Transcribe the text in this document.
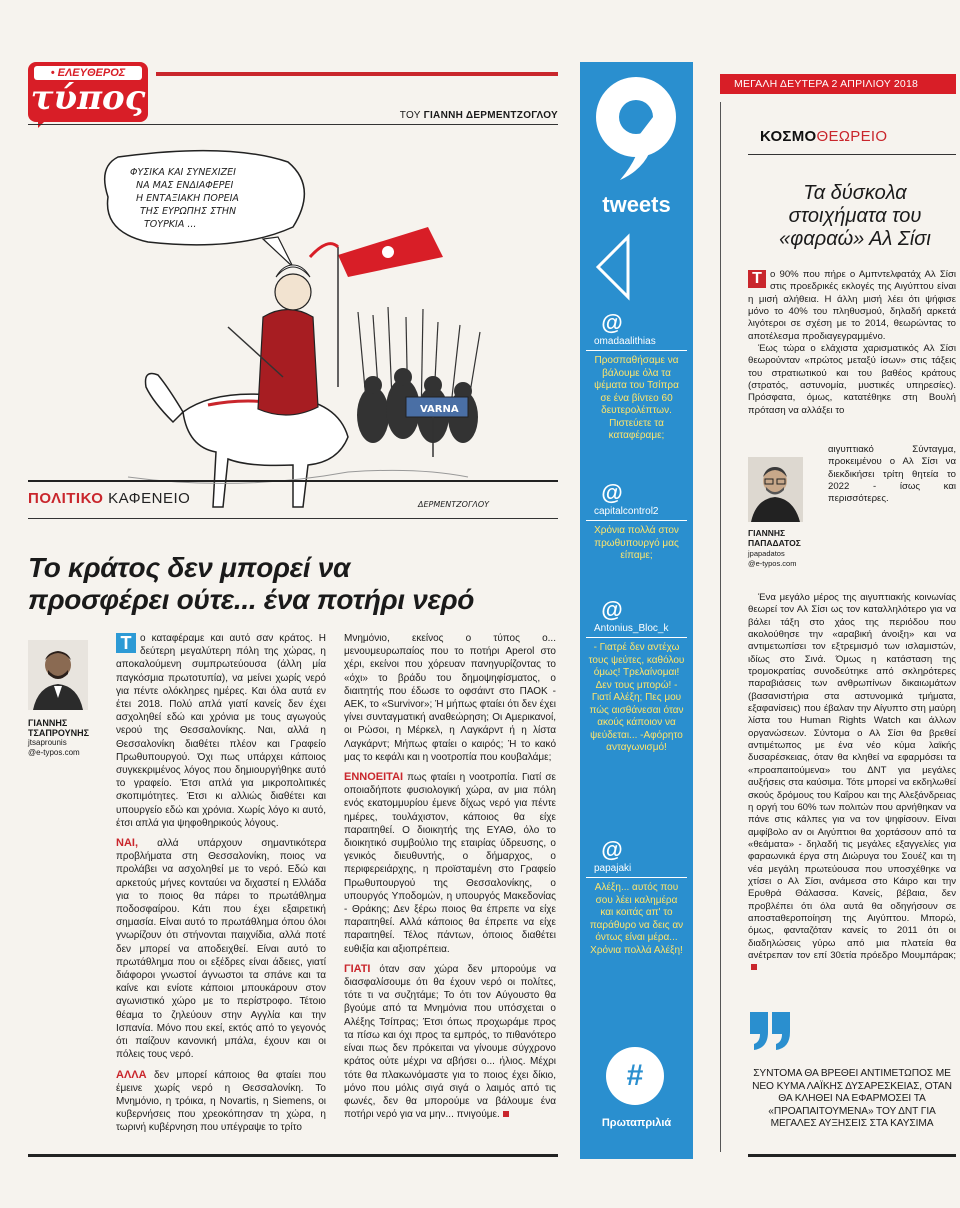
• ΕΛΕΥΘΕΡΟΣ
τύπος	ΤΟΥ ΓΙΑΝΝΗ ΔΕΡΜΕΝΤΖΟΓΛΟΥ
ΦΥΣΙΚΑ ΚΑΙ ΣΥΝΕΧΙΖΕΙ
ΝΑ ΜΑΣ ΕΝΔΙΑΦΕΡΕΙ
Η ΕΝΤΑΞΙΑΚΗ ΠΟΡΕΙΑ
ΤΗΣ ΕΥΡΩΠΗΣ ΣΤΗΝ
ΤΟΥΡΚΙΑ ...
VARNA
ΔΕΡΜΕΝΤΖΟΓΛΟΥ
ΠΟΛΙΤΙΚΟ ΚΑΦΕΝΕΙΟ
Το κράτος δεν μπορεί να
προσφέρει ούτε... ένα ποτήρι νερό
ΓΙΑΝΝΗΣ ΤΣΑΠΡΟΥΝΗΣ
jtsaprounis
@e-typos.com

Τ ο καταφέραμε και αυτό σαν κράτος. Η δεύτερη μεγαλύτερη πόλη της χώρας, η αποκαλούμενη συμπρωτεύουσα (άλλη μία παγκόσμια πρωτοτυπία), να μείνει χωρίς νερό για πέντε ολόκληρες ημέρες. Και όλα αυτά εν έτει 2018. Πολύ απλά γιατί κανείς δεν έχει ασχοληθεί εδώ και χρόνια με τους αγωγούς νερού της Θεσσαλονίκης. Ναι, αλλά η Θεσσαλονίκη διαθέτει πλέον και Γραφείο Πρωθυπουργού. Όχι πως υπάρχει κάποιος συγκεκριμένος λόγος που δημιουργήθηκε αυτό το γραφείο. Έτσι απλά για μικροπολιτικές σκοπιμότητες. Έτσι κι αλλιώς διαθέτει και υπουργείο εδώ και χρόνια. Χωρίς λόγο κι αυτό, έτσι απλά για ψηφοθηρικούς λόγους.

ΝΑΙ, αλλά υπάρχουν σημαντικότερα προβλήματα στη Θεσσαλονίκη, ποιος να προλάβει να ασχοληθεί με το νερό. Εδώ και αρκετούς μήνες κονταύει να διχαστεί η Ελλάδα για το ποιος θα πάρει το πρωτάθλημα ποδοσφαίρου. Κάτι που έχει εξαιρετική σημασία. Είναι αυτό το πρωτάθλημα όπου όλοι γνωρίζουν ότι στήνονται παιχνίδια, αλλά ποτέ δεν μπορεί να αποδειχθεί. Είναι αυτό το πρωτάθλημα που οι εξέδρες είναι άδειες, γιατί διάφοροι γνωστοί άγνωστοι τα σπάνε και τα καίνε και ενίοτε κάποιοι μπουκάρουν στον αγωνιστικό χώρο με το περίστροφο. Τέτοιο θέαμα το ζηλεύουν στην Αγγλία και την Ισπανία. Μόνο που εκεί, εκτός από το γεγονός ότι παίζουν κανονική μπάλα, έχουν και οι πόλεις τους νερό.

ΑΛΛΑ δεν μπορεί κάποιος θα φταίει που έμεινε χωρίς νερό η Θεσσαλονίκη. Το Μνημόνιο, η τρόικα, η Novartis, η Siemens, οι κυβερνήσεις που χρεοκόπησαν τη χώρα, η τωρινή κυβέρνηση που υπέγραψε το τρίτο

Μνημόνιο, εκείνος ο τύπος ο... μενουμευρωπαίος που το ποτήρι Aperol στο χέρι, εκείνοι που χόρευαν πανηγυρίζοντας το «όχι» το βράδυ του δημοψηφίσματος, ο διαιτητής που έδωσε το οφσάιντ στο ΠΑΟΚ - ΑΕΚ, το «Survivor»; Ή μήπως φταίει ότι δεν έχει γίνει συνταγματική αναθεώρηση; Οι Αμερικανοί, οι Ρώσοι, η Μέρκελ, η Λαγκάρντ ή η λίστα Λαγκάρντ; Μήπως φταίει ο καιρός; Ή το κακό μας το κεφάλι και η νοοτροπία που κουβαλάμε;

ΕΝΝΟΕΙΤΑΙ πως φταίει η νοοτροπία. Γιατί σε οποιαδήποτε φυσιολογική χώρα, αν μια πόλη ενός εκατομμυρίου έμενε δίχως νερό για πέντε ημέρες, τουλάχιστον, κάποιος θα είχε παραιτηθεί. Ο διοικητής της ΕΥΑΘ, όλο το διοικητικό συμβούλιο της εταιρίας ύδρευσης, ο γενικός διευθυντής, ο δήμαρχος, ο περιφερειάρχης, η προϊσταμένη στο Γραφείο Πρωθυπουργού της Θεσσαλονίκης, ο υπουργός Υποδομών, η υπουργός Μακεδονίας - Θράκης; Δεν ξέρω ποιος θα έπρεπε να είχε παραιτηθεί. Αλλά κάποιος θα έπρεπε να είχε παραιτηθεί. Τέλος πάντων, όποιος διαθέτει ευθιξία και αξιοπρέπεια.

ΓΙΑΤΙ όταν σαν χώρα δεν μπορούμε να διασφαλίσουμε ότι θα έχουν νερό οι πολίτες, τότε τι να συζητάμε; Το ότι τον Αύγουστο θα βγούμε από τα Μνημόνια που υπόσχεται ο Αλέξης Τσίπρας; Έτσι όπως προχωράμε προς τα πίσω και όχι προς τα εμπρός, το πιθανότερο είναι πως δεν πρόκειται να γίνουμε σύγχρονο κράτος ούτε μέχρι να αβήσει ο... ήλιος. Μέχρι τότε θα πλακωνόμαστε για το ποιος έχει δίκιο, μόνο που μόλις σιγά σιγά ο λαιμός από τις φωνές, δεν θα μπορούμε να βάλουμε ένα ποτήρι νερό για να μην... πνιγούμε.

tweets
@
omadaalithias
Προσπαθήσαμε να βάλουμε όλα τα ψέματα του Τσίπρα σε ένα βίντεο 60 δευτερολέπτων. Πιστεύετε τα καταφέραμε;
@
capitalcontrol2
Χρόνια πολλά στον πρωθυπουργό μας είπαμε;
@
Antonius_Bloc_k
- Γιατρέ δεν αντέχω τους ψεύτες, καθόλου όμως! Τρελαίνομαι! Δεν τους μπορώ! - Γιατί Αλέξη; Πες μου πώς αισθάνεσαι όταν ακούς κάποιον να ψεύδεται... -Αφόρητο ανταγωνισμό!
@
papajaki
Αλέξη... αυτός που σου λέει καλημέρα και κοιτάς απ' το παράθυρο να δεις αν όντως είναι μέρα... Χρόνια πολλά Αλέξη!
#
Πρωταπριλιά
ΜΕΓΑΛΗ ΔΕΥΤΕΡΑ 2 ΑΠΡΙΛΙΟΥ 2018
ΚΟΣΜΟΘΕΩΡΕΙΟ
Τα δύσκολα
στοιχήματα του
«φαραώ» Αλ Σίσι

Τ ο 90% που πήρε ο Αμπντελφατάχ Αλ Σίσι στις προεδρικές εκλογές της Αιγύπτου είναι η μισή αλήθεια. Η άλλη μισή λέει ότι ψήφισε μόνο το 40% του πληθυσμού, δηλαδή αρκετά λιγότεροι σε σχέση με το 2014, θεωρώντας το αποτέλεσμα προδιαγεγραμμένο.

Έως τώρα ο ελάχιστα χαρισματικός Αλ Σίσι θεωρούνταν «πρώτος μεταξύ ίσων» στις τάξεις του στρατιωτικού και του βαθέος κράτους (στρατός, αστυνομία, μυστικές υπηρεσίες). Πρόσφατα, όμως, κατατέθηκε στη Βουλή πρόταση να αλλάξει το

ΓΙΑΝΝΗΣ ΠΑΠΑΔΑΤΟΣ
jpapadatos
@e-typos.com

αιγυπτιακό Σύνταγμα, προκειμένου ο Αλ Σίσι να διεκδικήσει τρίτη θητεία το 2022 - ίσως και περισσότερες.

Ένα μεγάλο μέρος της αιγυπτιακής κοινωνίας θεωρεί τον Αλ Σίσι ως τον καταλληλότερο για να βάλει τάξη στο χάος της περιόδου που ακολούθησε την «αραβική άνοιξη» και να αντιμετωπίσει τον εξτρεμισμό των ισλαμιστών, ιδίως στο Σινά. Όμως η κατάσταση της τρομοκρατίας συνοδεύτηκε από σκληρότερες παραβιάσεις των ανθρωπίνων δικαιωμάτων (βασανιστήρια στα αστυνομικά τμήματα, εξαφανίσεις) που έβαλαν την Αίγυπτο στη μαύρη λίστα του Human Rights Watch και άλλων οργανώσεων. Σύντομα ο Αλ Σίσι θα βρεθεί αντιμέτωπος με ένα νέο κύμα λαϊκής δυσαρέσκειας, όταν θα κληθεί να εφαρμόσει τα «προαπαιτούμενα» του ΔΝΤ για μεγάλες αυξήσεις στα καύσιμα. Τότε μπορεί να εκδηλωθεί σκούς δρόμους του Καΐρου και της Αλεξάνδρειας η οργή του 60% των πολιτών που αρνήθηκαν να πάνε στις κάλπες για να τον ψηφίσουν. Είναι αμφίβολο αν οι Αιγύπτιοι θα χορτάσουν από τα «θεάματα» - δηλαδή τις μεγάλες εξαγγελίες για φαραωνικά έργα στη Διώρυγα του Σουέζ και τη νέα μεγάλη πρωτεύουσα που υποσχέθηκε να χτίσει ο Αλ Σίσι, ανάμεσα στο Κάιρο και την Ερυθρά Θάλασσα. Κανείς, βέβαια, δεν προβλέπει ότι όλα αυτά θα οδηγήσουν σε αποσταθεροποίηση της Αιγύπτου. Μπορώ, όμως, φανταζόταν κανείς το 2011 ότι οι διαδηλώσεις γύρω από μια πλατεία θα ανέτρεπαν τον επί 30ετία πρόεδρο Μουμπάρακ;

ΣΥΝΤΟΜΑ ΘΑ ΒΡΕΘΕΙ ΑΝΤΙΜΕΤΩΠΟΣ ΜΕ ΝΕΟ ΚΥΜΑ ΛΑΪΚΗΣ ΔΥΣΑΡΕΣΚΕΙΑΣ, ΟΤΑΝ ΘΑ ΚΛΗΘΕΙ ΝΑ ΕΦΑΡΜΟΣΕΙ ΤΑ «ΠΡΟΑΠΑΙΤΟΥΜΕΝΑ» ΤΟΥ ΔΝΤ ΓΙΑ ΜΕΓΑΛΕΣ ΑΥΞΗΣΕΙΣ ΣΤΑ ΚΑΥΣΙΜΑ
